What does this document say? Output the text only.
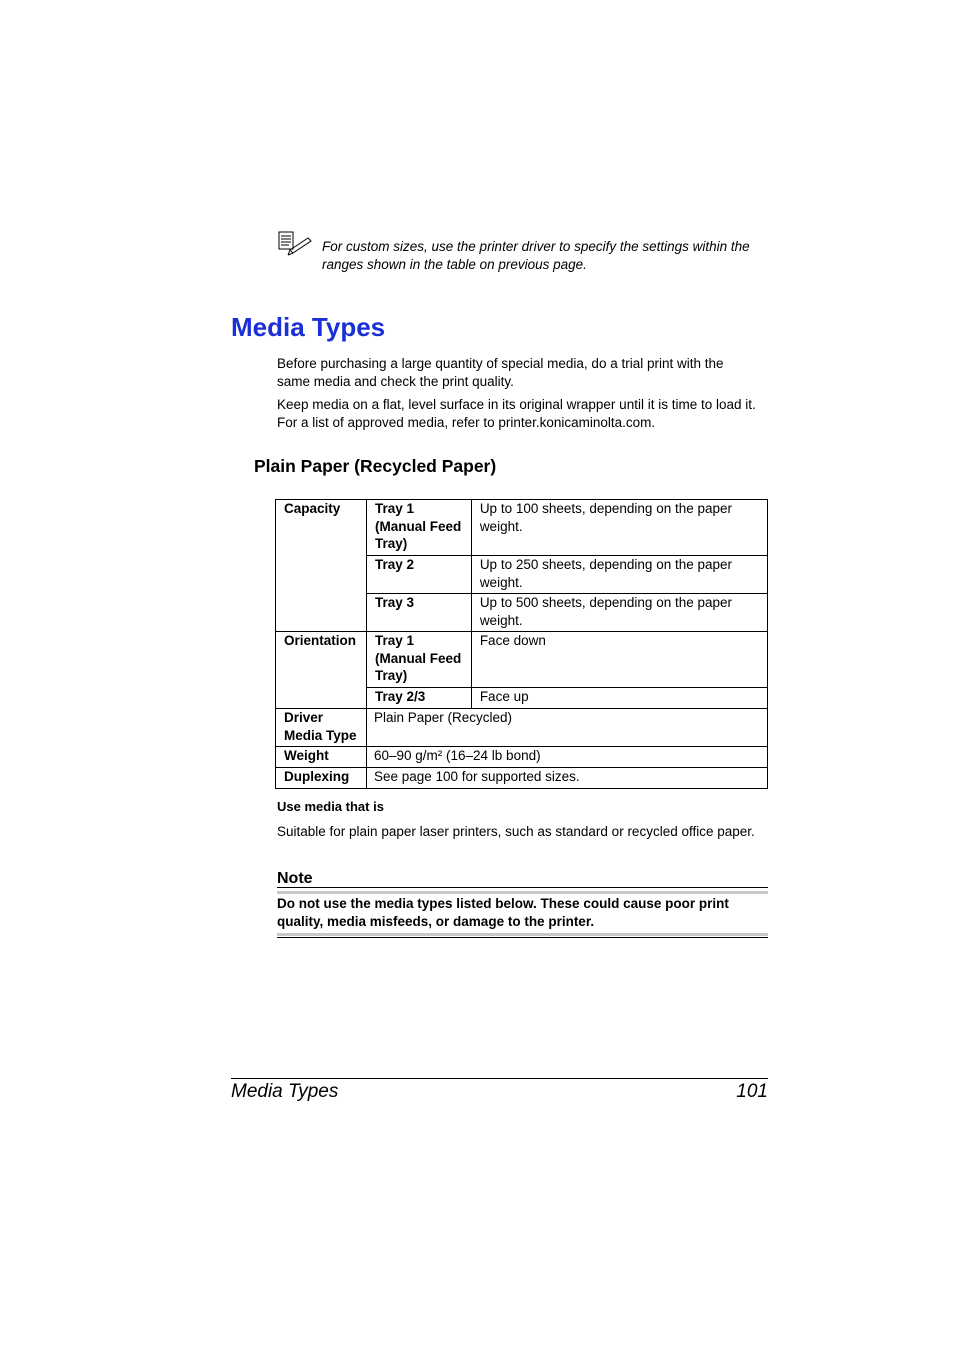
For custom sizes, use the printer driver to specify the settings within the ranges shown in the table on previous page.
Media Types
Before purchasing a large quantity of special media, do a trial print with the same media and check the print quality.
Keep media on a flat, level surface in its original wrapper until it is time to load it. For a list of approved media, refer to printer.konicaminolta.com.
Plain Paper (Recycled Paper)
Capacity	Tray 1 (Manual Feed Tray)	Up to 100 sheets, depending on the paper weight.
	Tray 2	Up to 250 sheets, depending on the paper weight.
	Tray 3	Up to 500 sheets, depending on the paper weight.
Orientation	Tray 1 (Manual Feed Tray)	Face down
	Tray 2/3	Face up
Driver Media Type	Plain Paper (Recycled)	
Weight	60–90 g/m² (16–24 lb bond)	
Duplexing	See page 100 for supported sizes.	
Use media that is
Suitable for plain paper laser printers, such as standard or recycled office paper.
Note
Do not use the media types listed below. These could cause poor print quality, media misfeeds, or damage to the printer.
Media Types	101
